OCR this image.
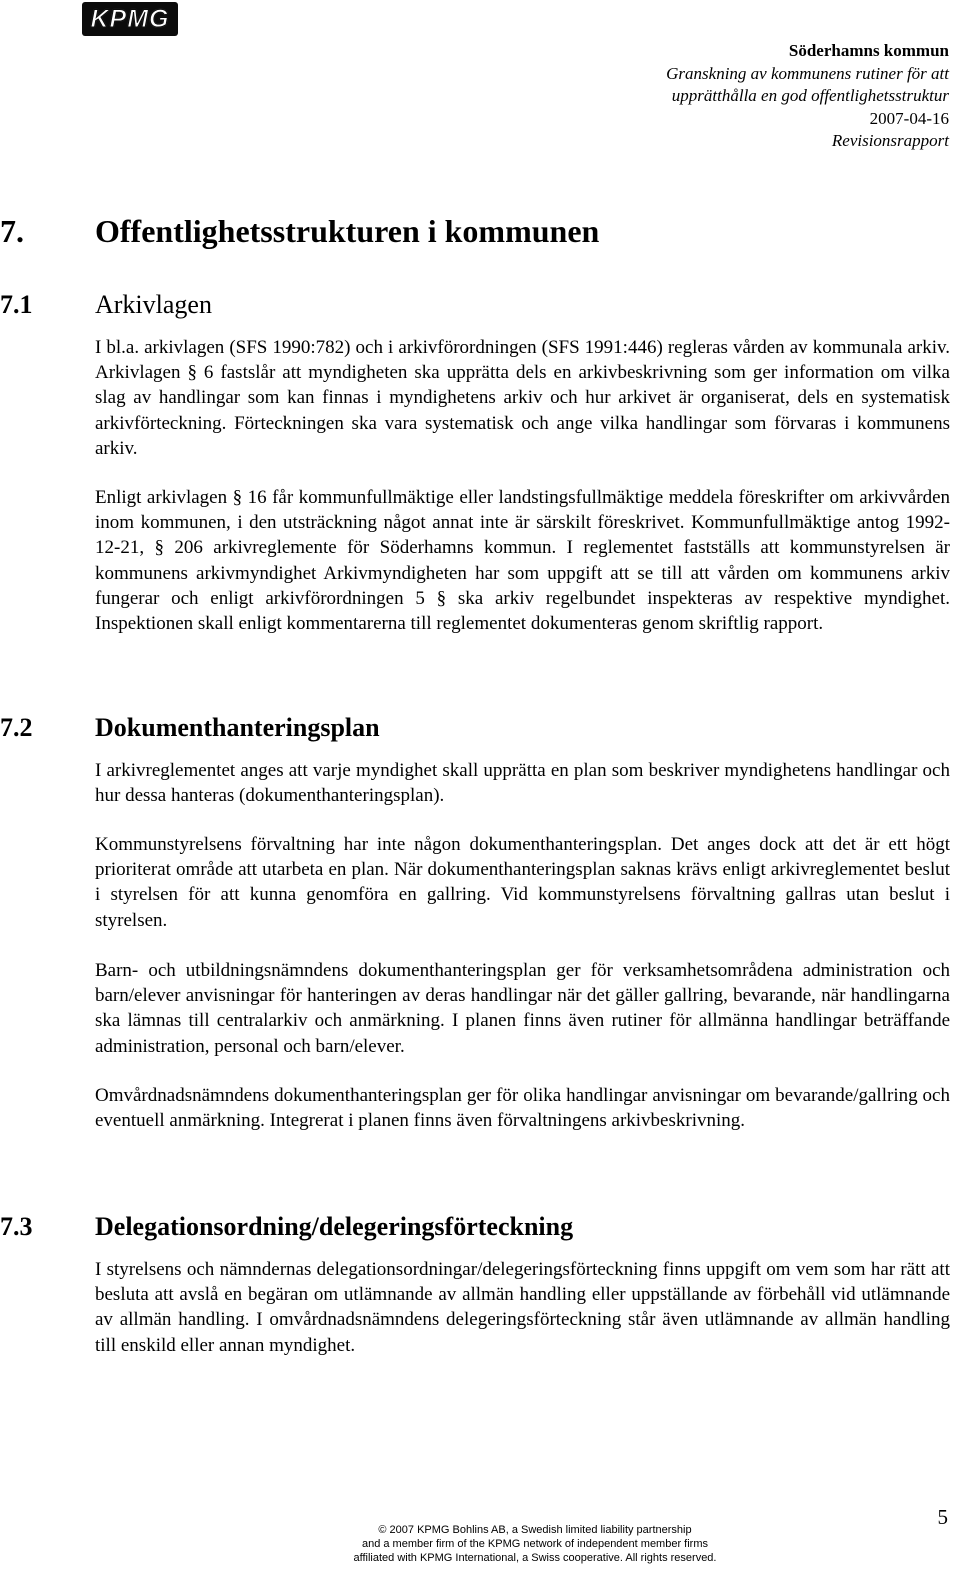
KPMG
Söderhamns kommun
Granskning av kommunens rutiner för att
upprätthålla en god offentlighetsstruktur
2007-04-16
Revisionsrapport
7. Offentlighetsstrukturen i kommunen
7.1 Arkivlagen

I bl.a. arkivlagen (SFS 1990:782) och i arkivförordningen (SFS 1991:446) regleras vården av kommunala arkiv. Arkivlagen § 6 fastslår att myndigheten ska upprätta dels en arkivbeskrivning som ger information om vilka slag av handlingar som kan finnas i myndighetens arkiv och hur arkivet är organiserat, dels en systematisk arkivförteckning. Förteckningen ska vara systematisk och ange vilka handlingar som förvaras i kommunens arkiv.

Enligt arkivlagen § 16 får kommunfullmäktige eller landstingsfullmäktige meddela föreskrifter om arkivvården inom kommunen, i den utsträckning något annat inte är särskilt föreskrivet. Kommunfullmäktige antog 1992-12-21, § 206 arkivreglemente för Söderhamns kommun. I reglementet fastställs att kommunstyrelsen är kommunens arkivmyndighet Arkivmyndigheten har som uppgift att se till att vården om kommunens arkiv fungerar och enligt arkivförordningen 5 § ska arkiv regelbundet inspekteras av respektive myndighet. Inspektionen skall enligt kommentarerna till reglementet dokumenteras genom skriftlig rapport.

7.2 Dokumenthanteringsplan

I arkivreglementet anges att varje myndighet skall upprätta en plan som beskriver myndighetens handlingar och hur dessa hanteras (dokumenthanteringsplan).

Kommunstyrelsens förvaltning har inte någon dokumenthanteringsplan. Det anges dock att det är ett högt prioriterat område att utarbeta en plan. När dokumenthanteringsplan saknas krävs enligt arkivreglementet beslut i styrelsen för att kunna genomföra en gallring. Vid kommunstyrelsens förvaltning gallras utan beslut i styrelsen.

Barn- och utbildningsnämndens dokumenthanteringsplan ger för verksamhetsområdena administration och barn/elever anvisningar för hanteringen av deras handlingar när det gäller gallring, bevarande, när handlingarna ska lämnas till centralarkiv och anmärkning. I planen finns även rutiner för allmänna handlingar beträffande administration, personal och barn/elever.

Omvårdnadsnämndens dokumenthanteringsplan ger för olika handlingar anvisningar om bevarande/gallring och eventuell anmärkning. Integrerat i planen finns även förvaltningens arkivbeskrivning.

7.3 Delegationsordning/delegeringsförteckning

I styrelsens och nämndernas delegationsordningar/delegeringsförteckning finns uppgift om vem som har rätt att besluta att avslå en begäran om utlämnande av allmän handling eller uppställande av förbehåll vid utlämnande av allmän handling. I omvårdnadsnämndens delegeringsförteckning står även utlämnande av allmän handling till enskild eller annan myndighet.

5
© 2007 KPMG Bohlins AB, a Swedish limited liability partnership
and a member firm of the KPMG network of independent member firms
affiliated with KPMG International, a Swiss cooperative. All rights reserved.
